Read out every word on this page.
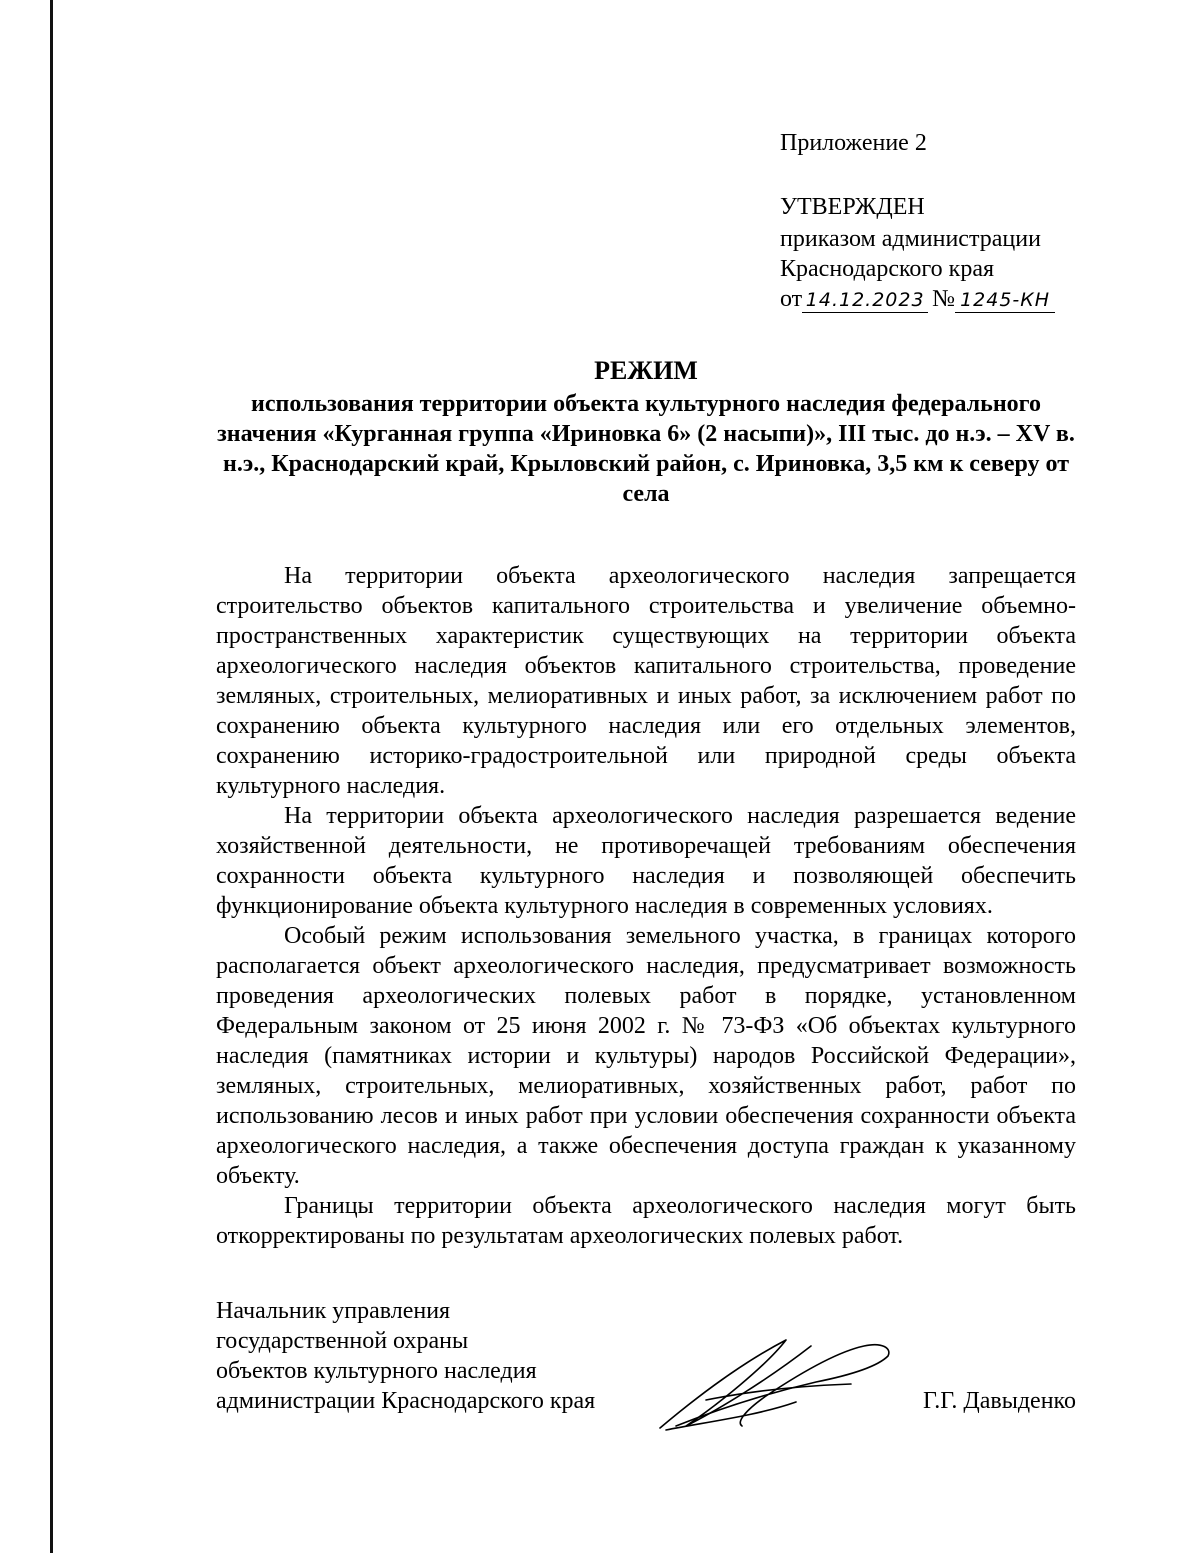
Приложение 2
УТВЕРЖДЕН
приказом администрации
Краснодарского края
от 14.12.2023 № 1245-КН
РЕЖИМ
использования территории объекта культурного наследия федерального значения «Курганная группа «Ириновка 6» (2 насыпи)», III тыс. до н.э. – XV в. н.э., Краснодарский край, Крыловский район, с. Ириновка, 3,5 км к северу от села

На территории объекта археологического наследия запрещается строительство объектов капитального строительства и увеличение объемно-пространственных характеристик существующих на территории объекта археологического наследия объектов капитального строительства, проведение земляных, строительных, мелиоративных и иных работ, за исключением работ по сохранению объекта культурного наследия или его отдельных элементов, сохранению историко-градостроительной или природной среды объекта культурного наследия.

На территории объекта археологического наследия разрешается ведение хозяйственной деятельности, не противоречащей требованиям обеспечения сохранности объекта культурного наследия и позволяющей обеспечить функционирование объекта культурного наследия в современных условиях.

Особый режим использования земельного участка, в границах которого располагается объект археологического наследия, предусматривает возможность проведения археологических полевых работ в порядке, установленном Федеральным законом от 25 июня 2002 г. № 73-ФЗ «Об объектах культурного наследия (памятниках истории и культуры) народов Российской Федерации», земляных, строительных, мелиоративных, хозяйственных работ, работ по использованию лесов и иных работ при условии обеспечения сохранности объекта археологического наследия, а также обеспечения доступа граждан к указанному объекту.

Границы территории объекта археологического наследия могут быть откорректированы по результатам археологических полевых работ.

Начальник управления
государственной охраны
объектов культурного наследия
администрации Краснодарского края	Г.Г. Давыденко
